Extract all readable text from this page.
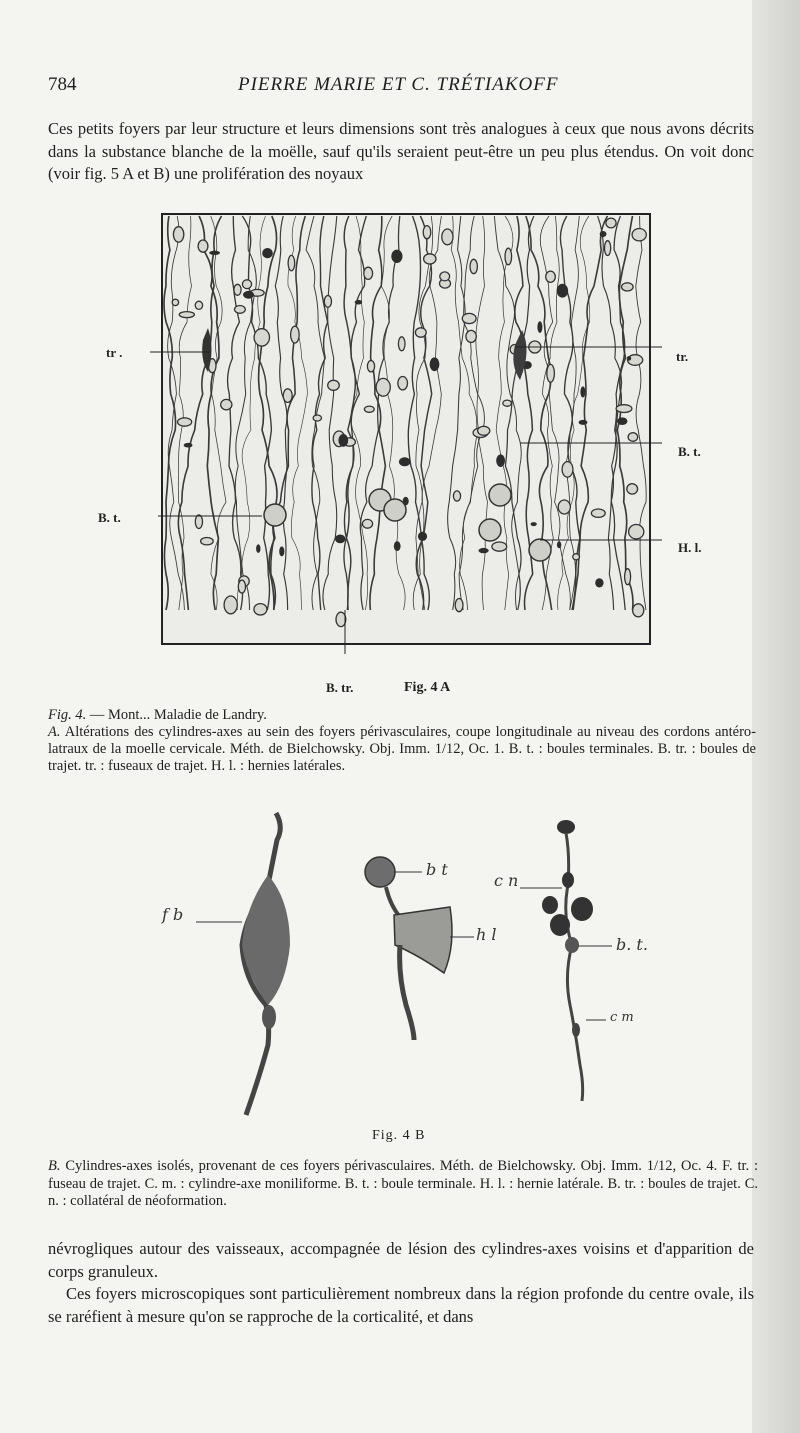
784	PIERRE MARIE ET C. TRÉTIAKOFF

Ces petits foyers par leur structure et leurs dimensions sont très analogues à ceux que nous avons décrits dans la substance blanche de la moëlle, sauf qu'ils seraient peut-être un peu plus étendus. On voit donc (voir fig. 5 A et B) une prolifération des noyaux

tr .
B. t.
tr.
B. t.
H. l.
B. tr.	Fig. 4 A

Fig. 4. — Mont... Maladie de Landry.
A. Altérations des cylindres-axes au sein des foyers périvasculaires, coupe longitudinale au niveau des cordons antéro-latraux de la moelle cervicale. Méth. de Bielchowsky. Obj. Imm. 1/12, Oc. 1. B. t. : boules terminales. B. tr. : boules de trajet. tr. : fuseaux de trajet. H. l. : hernies latérales.

f b
b t
h l
c n
b. t.
c m
Fig. 4 B

B. Cylindres-axes isolés, provenant de ces foyers périvasculaires. Méth. de Bielchowsky. Obj. Imm. 1/12, Oc. 4. F. tr. : fuseau de trajet. C. m. : cylindre-axe moniliforme. B. t. : boule terminale. H. l. : hernie latérale. B. tr. : boules de trajet. C. n. : collatéral de néoformation.

névrogliques autour des vaisseaux, accompagnée de lésion des cylindres-axes voisins et d'apparition de corps granuleux.

Ces foyers microscopiques sont particulièrement nombreux dans la région profonde du centre ovale, ils se raréfient à mesure qu'on se rapproche de la corticalité, et dans
